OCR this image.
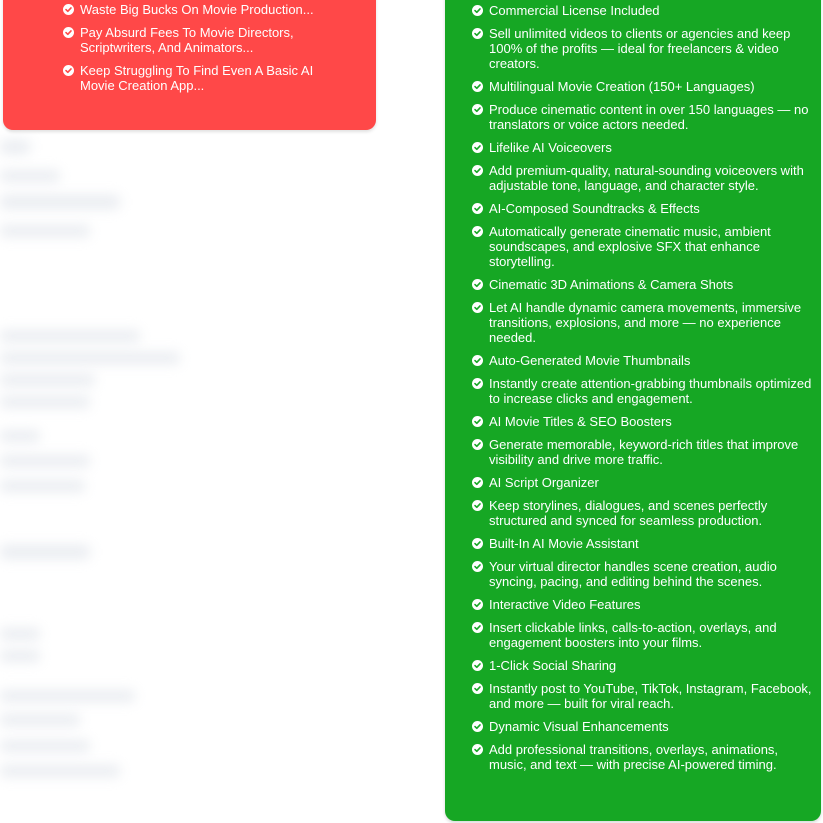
Waste Big Bucks On Movie Production...
Pay Absurd Fees To Movie Directors, Scriptwriters, And Animators...
Keep Struggling To Find Even A Basic AI Movie Creation App...
Commercial License Included
Sell unlimited videos to clients or agencies and keep 100% of the profits — ideal for freelancers & video creators.
Multilingual Movie Creation (150+ Languages)
Produce cinematic content in over 150 languages — no translators or voice actors needed.
Lifelike AI Voiceovers
Add premium-quality, natural-sounding voiceovers with adjustable tone, language, and character style.
AI-Composed Soundtracks & Effects
Automatically generate cinematic music, ambient soundscapes, and explosive SFX that enhance storytelling.
Cinematic 3D Animations & Camera Shots
Let AI handle dynamic camera movements, immersive transitions, explosions, and more — no experience needed.
Auto-Generated Movie Thumbnails
Instantly create attention-grabbing thumbnails optimized to increase clicks and engagement.
AI Movie Titles & SEO Boosters
Generate memorable, keyword-rich titles that improve visibility and drive more traffic.
AI Script Organizer
Keep storylines, dialogues, and scenes perfectly structured and synced for seamless production.
Built-In AI Movie Assistant
Your virtual director handles scene creation, audio syncing, pacing, and editing behind the scenes.
Interactive Video Features
Insert clickable links, calls-to-action, overlays, and engagement boosters into your films.
1-Click Social Sharing
Instantly post to YouTube, TikTok, Instagram, Facebook, and more — built for viral reach.
Dynamic Visual Enhancements
Add professional transitions, overlays, animations, music, and text — with precise AI-powered timing.
